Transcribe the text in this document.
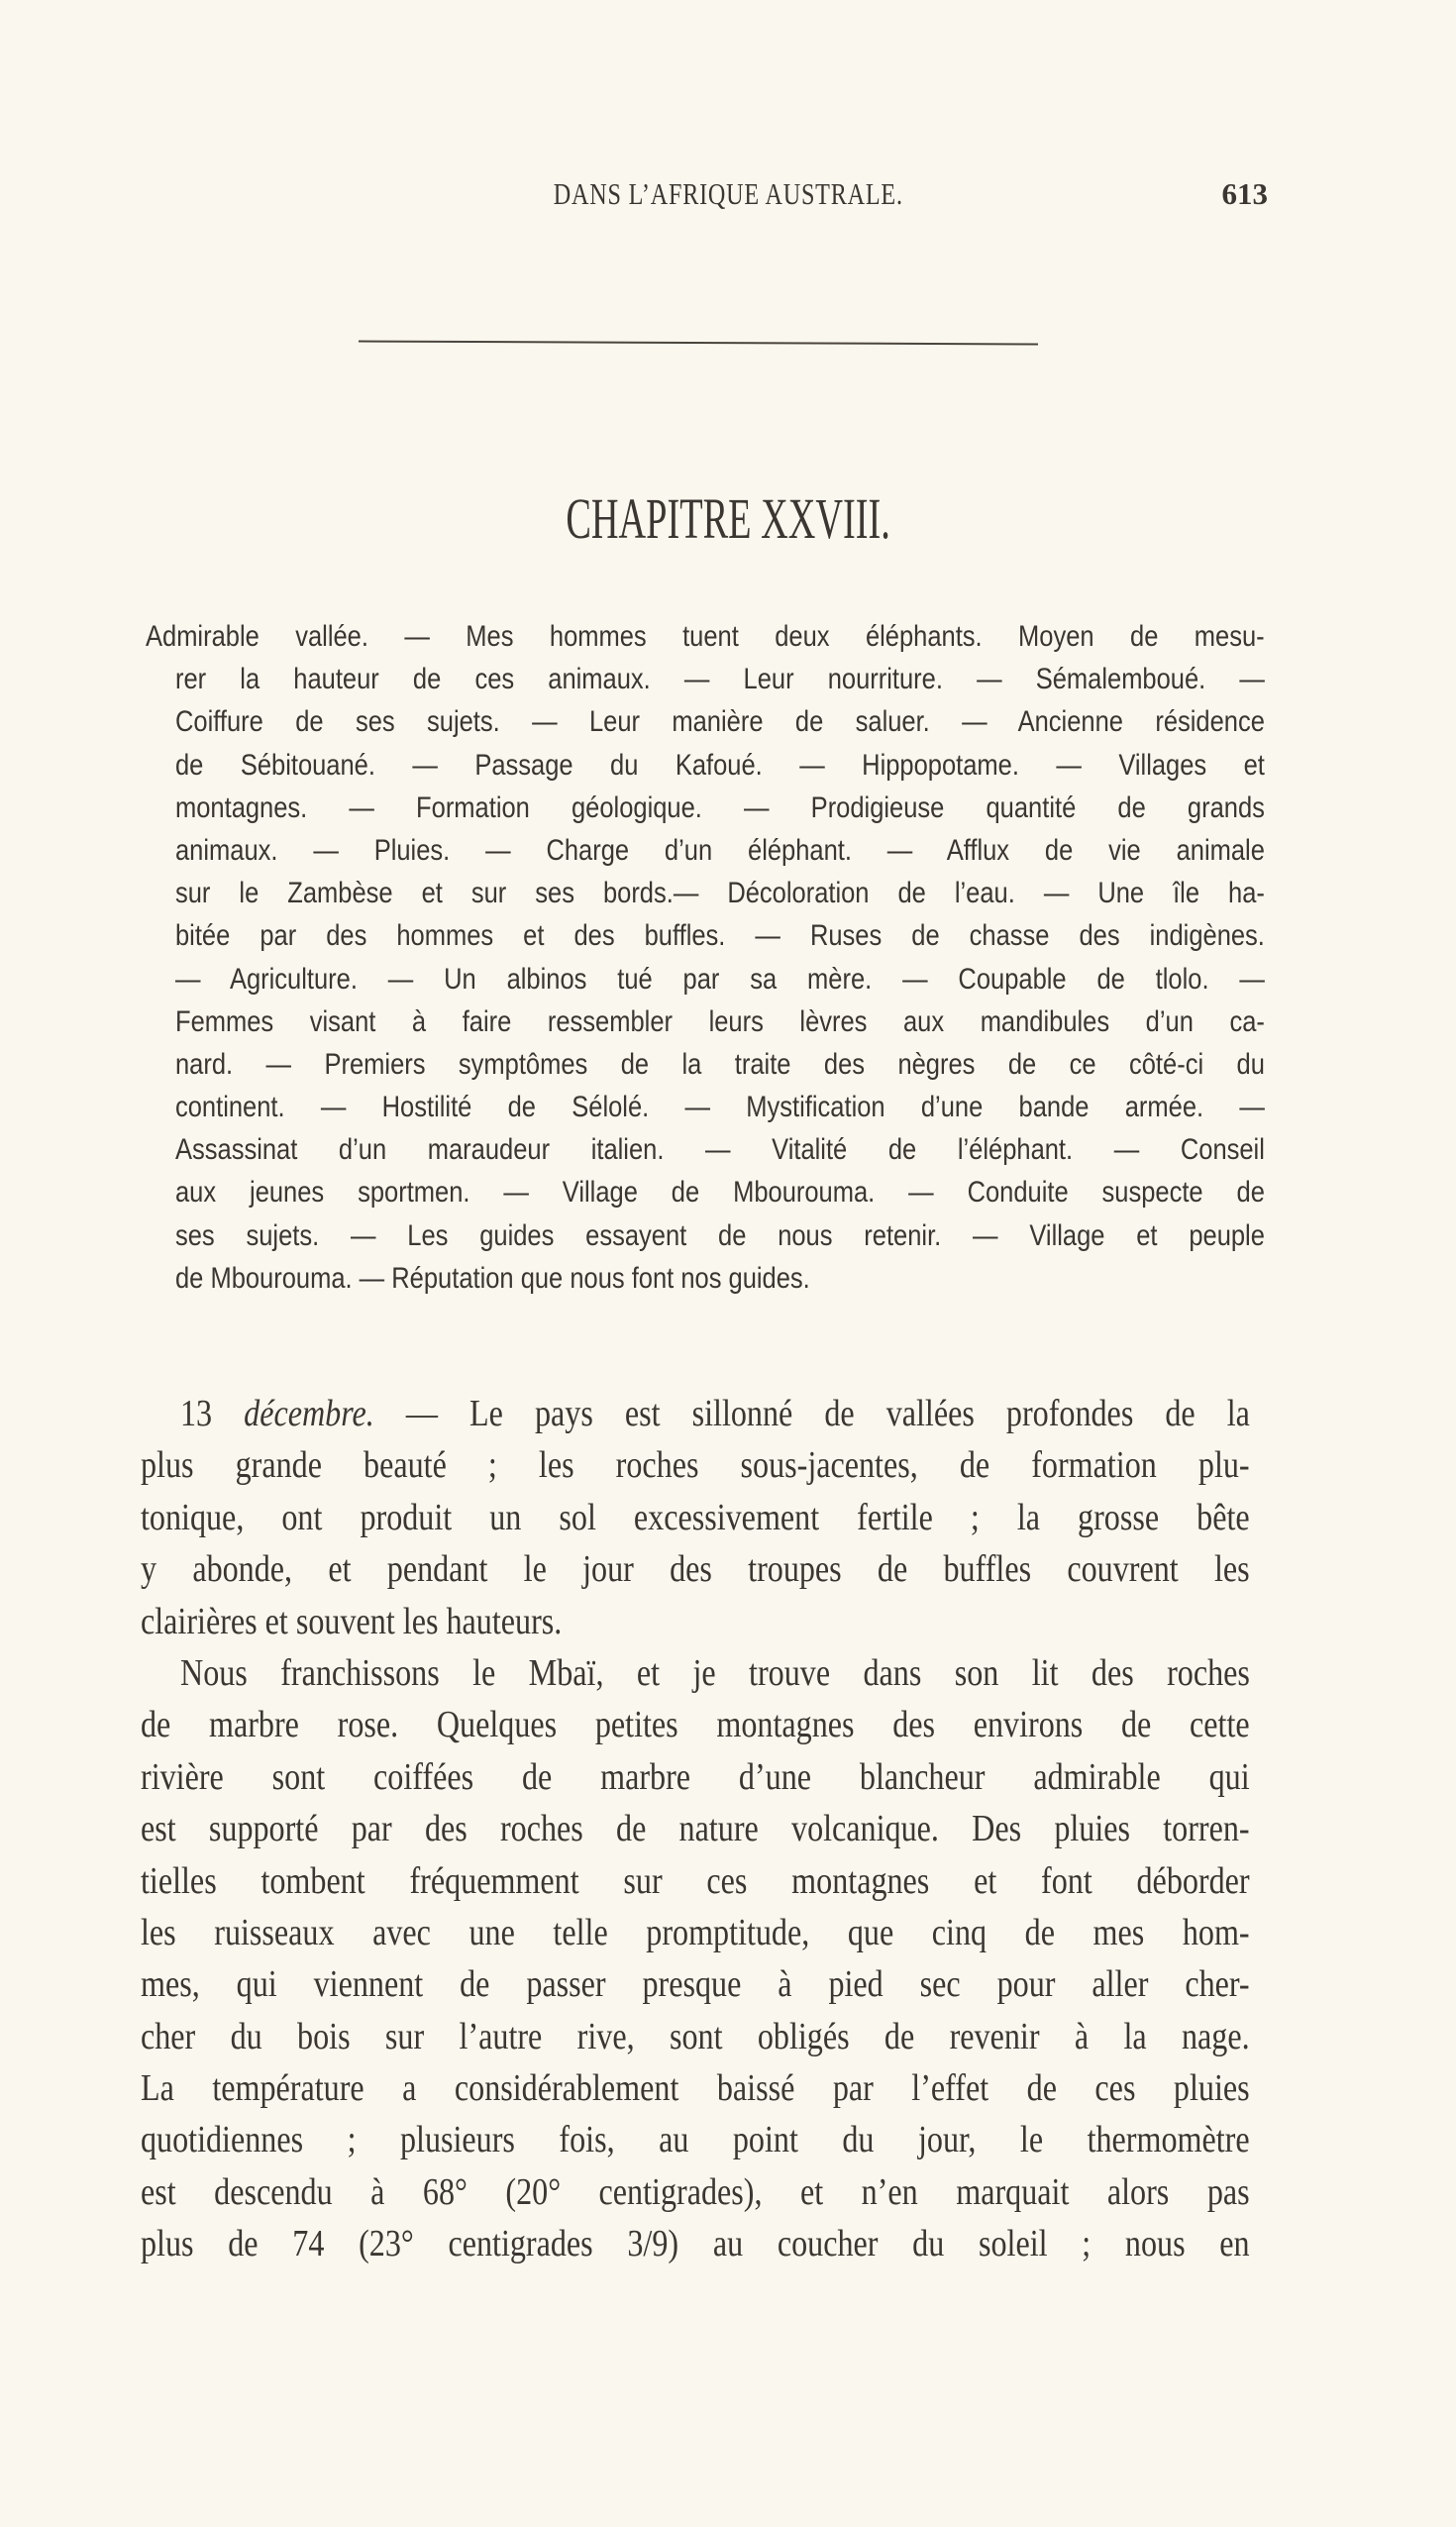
DANS L’AFRIQUE AUSTRALE.	613
CHAPITRE XXVIII.
Admirable vallée. — Mes hommes tuent deux éléphants. Moyen de mesu-
rer la hauteur de ces animaux. — Leur nourriture. — Sémalemboué. —
Coiffure de ses sujets. — Leur manière de saluer. — Ancienne résidence
de Sébitouané. — Passage du Kafoué. — Hippopotame. — Villages et
montagnes. — Formation géologique. — Prodigieuse quantité de grands
animaux. — Pluies. — Charge d’un éléphant. — Afflux de vie animale
sur le Zambèse et sur ses bords.— Décoloration de l’eau. — Une île ha-
bitée par des hommes et des buffles. — Ruses de chasse des indigènes.
— Agriculture. — Un albinos tué par sa mère. — Coupable de tlolo. —
Femmes visant à faire ressembler leurs lèvres aux mandibules d’un ca-
nard. — Premiers symptômes de la traite des nègres de ce côté-ci du
continent. — Hostilité de Sélolé. — Mystification d’une bande armée. —
Assassinat d’un maraudeur italien. — Vitalité de l’éléphant. — Conseil
aux jeunes sportmen. — Village de Mbourouma. — Conduite suspecte de
ses sujets. — Les guides essayent de nous retenir. — Village et peuple
de Mbourouma. — Réputation que nous font nos guides.
13 décembre. — Le pays est sillonné de vallées profondes de la
plus grande beauté ; les roches sous-jacentes, de formation plu-
tonique, ont produit un sol excessivement fertile ; la grosse bête
y abonde, et pendant le jour des troupes de buffles couvrent les
clairières et souvent les hauteurs.
Nous franchissons le Mbaï, et je trouve dans son lit des roches
de marbre rose. Quelques petites montagnes des environs de cette
rivière sont coiffées de marbre d’une blancheur admirable qui
est supporté par des roches de nature volcanique. Des pluies torren-
tielles tombent fréquemment sur ces montagnes et font déborder
les ruisseaux avec une telle promptitude, que cinq de mes hom-
mes, qui viennent de passer presque à pied sec pour aller cher-
cher du bois sur l’autre rive, sont obligés de revenir à la nage.
La température a considérablement baissé par l’effet de ces pluies
quotidiennes ; plusieurs fois, au point du jour, le thermomètre
est descendu à 68° (20° centigrades), et n’en marquait alors pas
plus de 74 (23° centigrades 3/9) au coucher du soleil ; nous en
